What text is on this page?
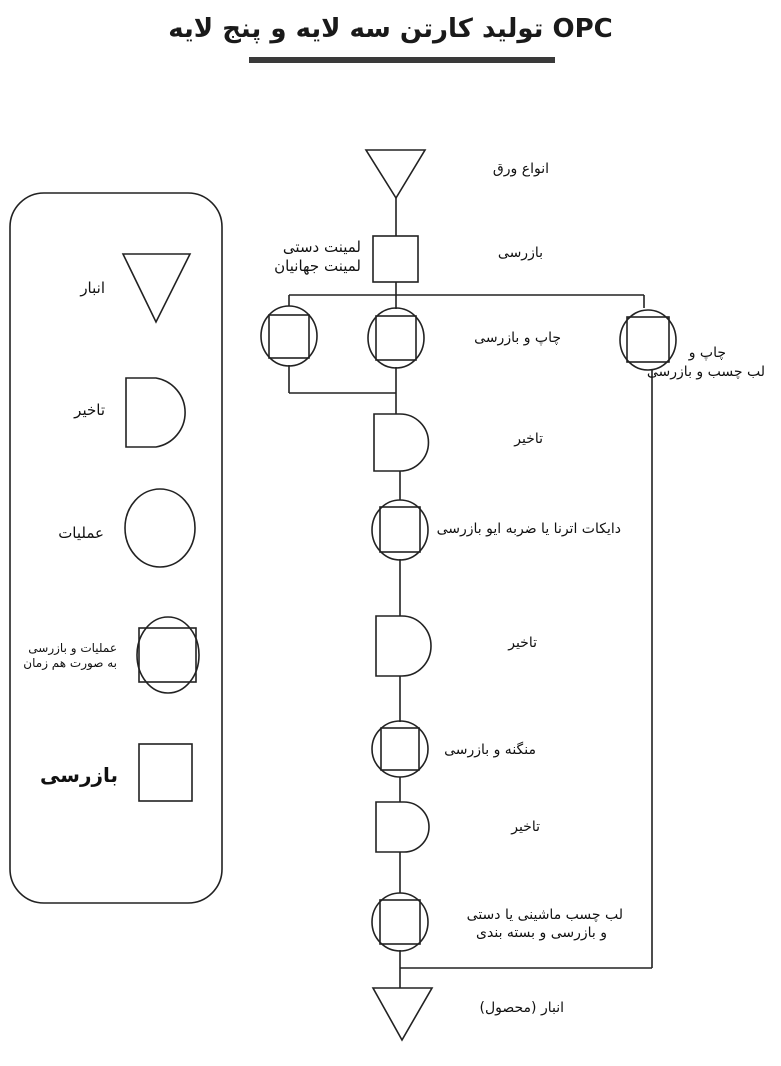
OPC تولید کارتن سه لایه و پنج لایه
انبار
تاخیر
عملیات
عملیات و بازرسی
به صورت هم زمان
بازرسی
انواع ورق
بازرسی
لمینت دستی
لمینت جهانیان
چاپ و بازرسی
چاپ و
لب چسب و بازرسی
تاخیر
دایکات اترنا یا ضربه ایو بازرسی
تاخیر
منگنه و بازرسی
تاخیر
لب چسب ماشینی یا دستی
و بازرسی و بسته بندی
انبار (محصول)
